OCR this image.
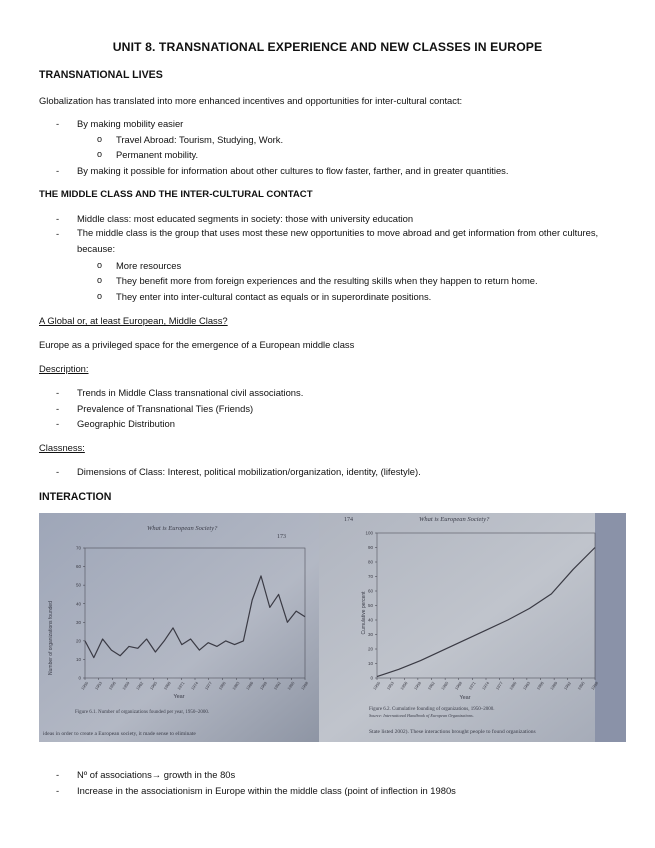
UNIT 8. TRANSNATIONAL EXPERIENCE AND NEW CLASSES IN EUROPE
TRANSNATIONAL LIVES
Globalization has translated into more enhanced incentives and opportunities for inter-cultural contact:
- By making mobility easier
o Travel Abroad: Tourism, Studying, Work.
o Permanent mobility.
- By making it possible for information about other cultures to flow faster, farther, and in greater quantities.
THE MIDDLE CLASS AND THE INTER-CULTURAL CONTACT
- Middle class: most educated segments in society: those with university education
- The middle class is the group that uses most these new opportunities to move abroad and get information from other cultures, because:
o More resources
o They benefit more from foreign experiences and the resulting skills when they happen to return home.
o They enter into inter-cultural contact as equals or in superordinate positions.
A Global or, at least European, Middle Class?
Europe as a privileged space for the emergence of a European middle class
Description:
- Trends in Middle Class transnational civil associations.
- Prevalence of Transnational Ties (Friends)
- Geographic Distribution
Classness:
- Dimensions of Class: Interest, political mobilization/organization, identity, (lifestyle).
INTERACTION
What is European Society?
173
Number of organizations founded
Year
0
10
20
30
40
50
60
70
1950 1953 1956 1959 1962 1965 1968 1971 1974 1977 1980 1983 1986 1989 1992 1995 1998
Figure 6.1. Number of organizations founded per year, 1950–2000.
ideas in order to create a European society, it made sense to eliminate
174	What is European Society?
Cumulative percent
Year
0
10
20
30
40
50
60
70
80
90
100
1950 1953 1956 1959 1962 1965 1968 1971 1974 1977 1980 1983 1986 1989 1992 1995 1998
Figure 6.2. Cumulative founding of organizations, 1950–2000.
Source: International Handbook of European Organizations.
State listed 2002). These interactions brought people to found organizations
- Nº of associations→ growth in the 80s
- Increase in the associationism in Europe within the middle class (point of inflection in 1980s
